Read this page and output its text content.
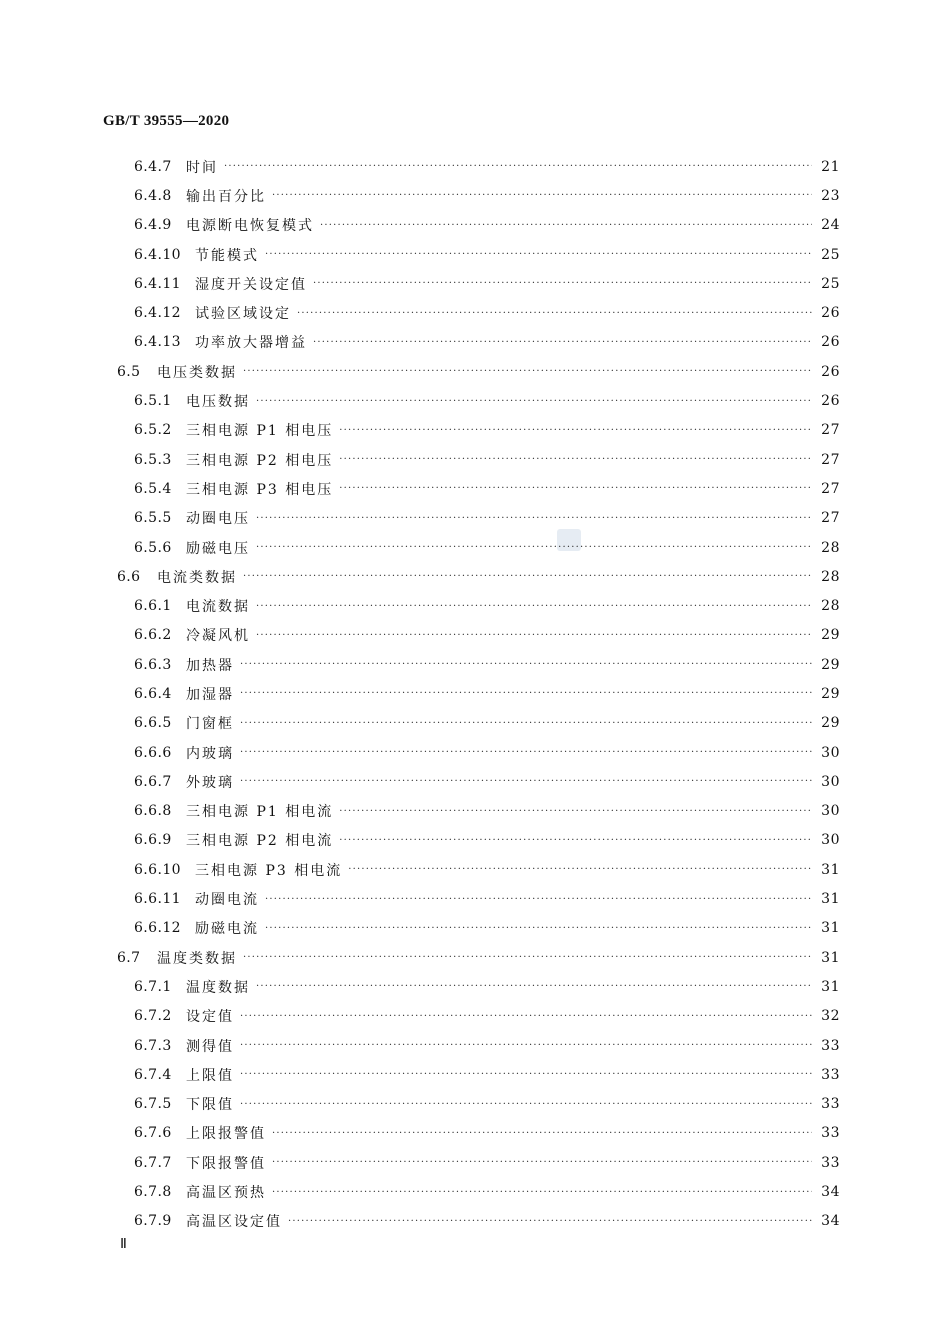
GB/T 39555—2020
6.4.7	时间 ·····	21
6.4.8	输出百分比 ·····	23
6.4.9	电源断电恢复模式 ·····	24
6.4.10	节能模式 ·····	25
6.4.11	湿度开关设定值 ·····	25
6.4.12	试验区域设定 ·····	26
6.4.13	功率放大器增益 ·····	26
6.5	电压类数据 ·····	26
6.5.1	电压数据 ·····	26
6.5.2	三相电源 P1 相电压 ·····	27
6.5.3	三相电源 P2 相电压 ·····	27
6.5.4	三相电源 P3 相电压 ·····	27
6.5.5	动圈电压 ·····	27
6.5.6	励磁电压 ·····	28
6.6	电流类数据 ·····	28
6.6.1	电流数据 ·····	28
6.6.2	冷凝风机 ·····	29
6.6.3	加热器 ·····	29
6.6.4	加湿器 ·····	29
6.6.5	门窗框 ·····	29
6.6.6	内玻璃 ·····	30
6.6.7	外玻璃 ·····	30
6.6.8	三相电源 P1 相电流 ·····	30
6.6.9	三相电源 P2 相电流 ·····	30
6.6.10	三相电源 P3 相电流 ·····	31
6.6.11	动圈电流 ·····	31
6.6.12	励磁电流 ·····	31
6.7	温度类数据 ·····	31
6.7.1	温度数据 ·····	31
6.7.2	设定值 ·····	32
6.7.3	测得值 ·····	33
6.7.4	上限值 ·····	33
6.7.5	下限值 ·····	33
6.7.6	上限报警值 ·····	33
6.7.7	下限报警值 ·····	33
6.7.8	高温区预热 ·····	34
6.7.9	高温区设定值 ·····	34
Ⅱ
